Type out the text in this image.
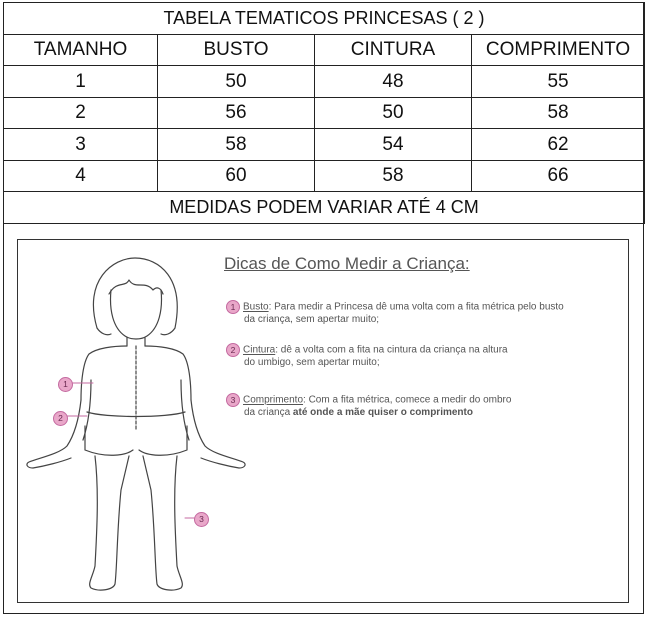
TABELA TEMATICOS PRINCESAS ( 2 )			
TAMANHO	BUSTO	CINTURA	COMPRIMENTO
1	50	48	55
2	56	50	58
3	58	54	62
4	60	58	66
MEDIDAS PODEM VARIAR ATÉ 4 CM			
Dicas de Como Medir a Criança:
1 Busto: Para medir a Princesa dê uma volta com a fita métrica pelo busto
da criança, sem apertar muito;
2 Cintura: dê a volta com a fita na cintura da criança na altura
do umbigo, sem apertar muito;
3 Comprimento: Com a fita métrica, comece a medir do ombro
da criança até onde a mãe quiser o comprimento
1
2
3
